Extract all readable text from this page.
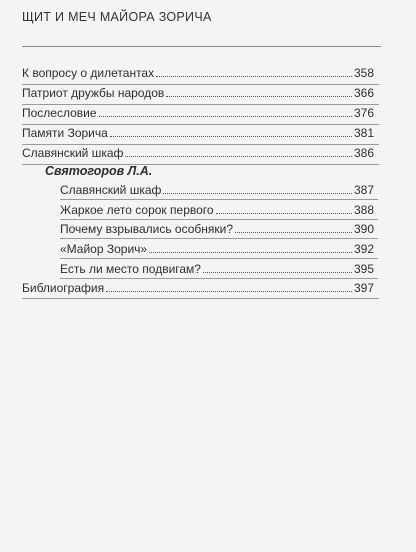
ЩИТ И МЕЧ МАЙОРА ЗОРИЧА
К вопросу о дилетантах	358
Патриот дружбы народов	366
Послесловие	376
Памяти Зорича	381
Славянский шкаф	386
Святогоров Л.А.
Славянский шкаф	387
Жаркое лето сорок первого	388
Почему взрывались особняки?	390
«Майор Зорич»	392
Есть ли место подвигам?	395
Библиография	397
